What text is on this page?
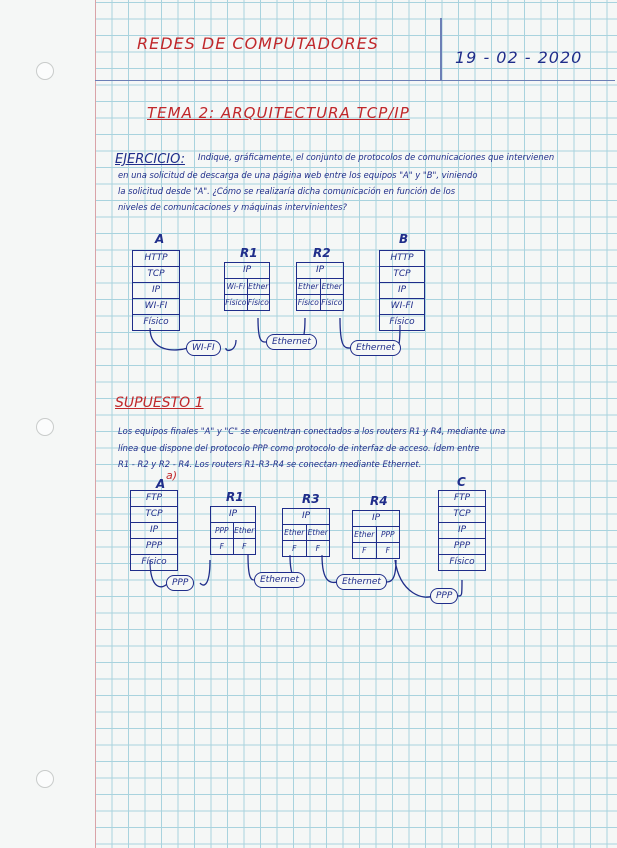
REDES DE COMPUTADORES
19 - 02 - 2020
TEMA 2: ARQUITECTURA TCP/IP
EJERCICIO: Indique, gráficamente, el conjunto de protocolos de comunicaciones que intervienen
en una solicitud de descarga de una página web entre los equipos "A" y "B", viniendo
la solicitud desde "A". ¿Cómo se realizaría dicha comunicación en función de los
niveles de comunicaciones y máquinas intervinientes?
A
HTTP
TCP
IP
WI-FI
Físico
R1
IP
Wi-Fi Ether
Físico Físico
R2
IP
Ether Ether
Físico Físico
B
HTTP
TCP
IP
WI-FI
Físico
WI-FI
Ethernet
Ethernet
SUPUESTO 1
Los equipos finales "A" y "C" se encuentran conectados a los routers R1 y R4, mediante una
línea que dispone del protocolo PPP como protocolo de interfaz de acceso. Ídem entre
R1 - R2 y R2 - R4. Los routers R1-R3-R4 se conectan mediante Ethernet.
a)
A
FTP
TCP
IP
PPP
Físico
R1
IP
PPP Ether
F	F
R3
IP
Ether Ether
F	F
R4
IP
Ether PPP
F	F
C
FTP
TCP
IP
PPP
Físico
PPP	Ethernet	Ethernet
PPP
